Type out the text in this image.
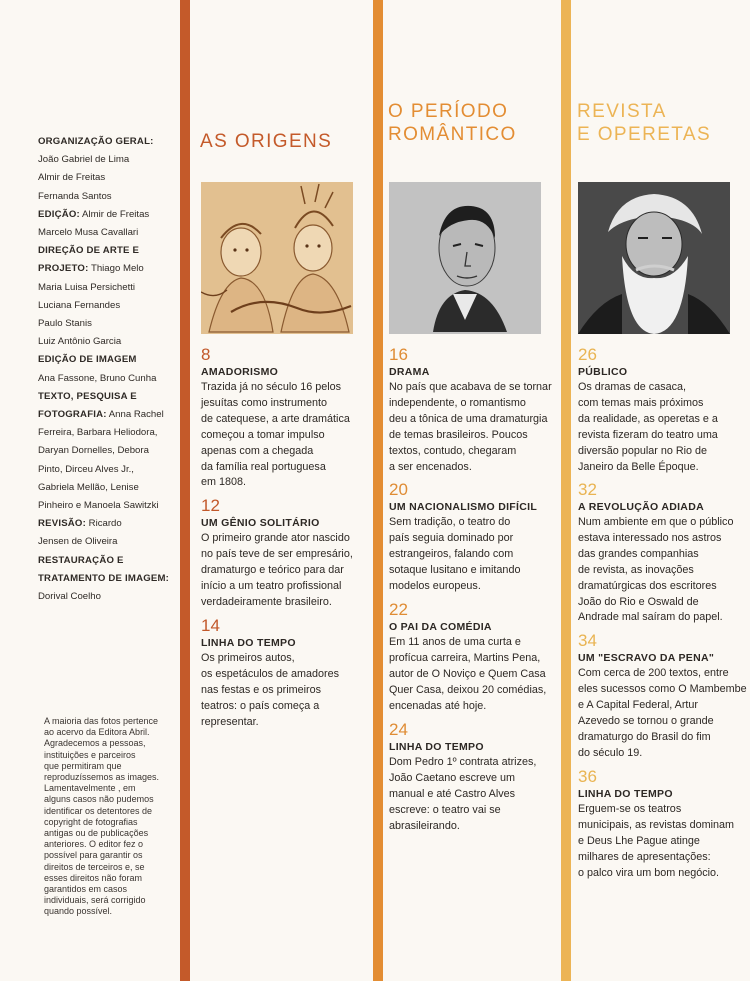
ORGANIZAÇÃO GERAL:
João Gabriel de Lima
Almir de Freitas
Fernanda Santos
EDIÇÃO: Almir de Freitas
Marcelo Musa Cavallari
DIREÇÃO DE ARTE E
PROJETO: Thiago Melo
Maria Luisa Persichetti
Luciana Fernandes
Paulo Stanis
Luiz Antônio Garcia
EDIÇÃO DE IMAGEM
Ana Fassone, Bruno Cunha
TEXTO, PESQUISA E
FOTOGRAFIA: Anna Rachel
Ferreira, Barbara Heliodora,
Daryan Dornelles, Debora
Pinto, Dirceu Alves Jr.,
Gabriela Mellão, Lenise
Pinheiro e Manoela Sawitzki
REVISÃO: Ricardo
Jensen de Oliveira
RESTAURAÇÃO E
TRATAMENTO DE IMAGEM:
Dorival Coelho
A maioria das fotos pertence
ao acervo da Editora Abril.
Agradecemos a pessoas,
instituições e parceiros
que permitiram que
reproduzíssemos as images.
Lamentavelmente , em
alguns casos não pudemos
identificar os detentores de
copyright de fotografias
antigas ou de publicações
anteriores. O editor fez o
possível para garantir os
direitos de terceiros e, se
esses direitos não foram
garantidos em casos
individuais, será corrigido
quando possível.
AS ORIGENS
O PERÍODO
ROMÂNTICO
REVISTA
E OPERETAS
8
AMADORISMO
Trazida já no século 16 pelos
jesuítas como instrumento
de catequese, a arte dramática
começou a tomar impulso
apenas com a chegada
da família real portuguesa
em 1808.
12
UM GÊNIO SOLITÁRIO
O primeiro grande ator nascido
no país teve de ser empresário,
dramaturgo e teórico para dar
início a um teatro profissional
verdadeiramente brasileiro.
14
LINHA DO TEMPO
Os primeiros autos,
os espetáculos de amadores
nas festas e os primeiros
teatros: o país começa a
representar.
16
DRAMA
No país que acabava de se tornar
independente, o romantismo
deu a tônica de uma dramaturgia
de temas brasileiros. Poucos
textos, contudo, chegaram
a ser encenados.
20
UM NACIONALISMO DIFÍCIL
Sem tradição, o teatro do
país seguia dominado por
estrangeiros, falando com
sotaque lusitano e imitando
modelos europeus.
22
O PAI DA COMÉDIA
Em 11 anos de uma curta e
profícua carreira, Martins Pena,
autor de O Noviço e Quem Casa
Quer Casa, deixou 20 comédias,
encenadas até hoje.
24
LINHA DO TEMPO
Dom Pedro 1º contrata atrizes,
João Caetano escreve um
manual e até Castro Alves
escreve: o teatro vai se
abrasileirando.
26
PÚBLICO
Os dramas de casaca,
com temas mais próximos
da realidade, as operetas e a
revista fizeram do teatro uma
diversão popular no Rio de
Janeiro da Belle Époque.
32
A REVOLUÇÃO ADIADA
Num ambiente em que o público
estava interessado nos astros
das grandes companhias
de revista, as inovações
dramatúrgicas dos escritores
João do Rio e Oswald de
Andrade mal saíram do papel.
34
UM "ESCRAVO DA PENA"
Com cerca de 200 textos, entre
eles sucessos como O Mambembe
e A Capital Federal, Artur
Azevedo se tornou o grande
dramaturgo do Brasil do fim
do século 19.
36
LINHA DO TEMPO
Erguem-se os teatros
municipais, as revistas dominam
e Deus Lhe Pague atinge
milhares de apresentações:
o palco vira um bom negócio.
